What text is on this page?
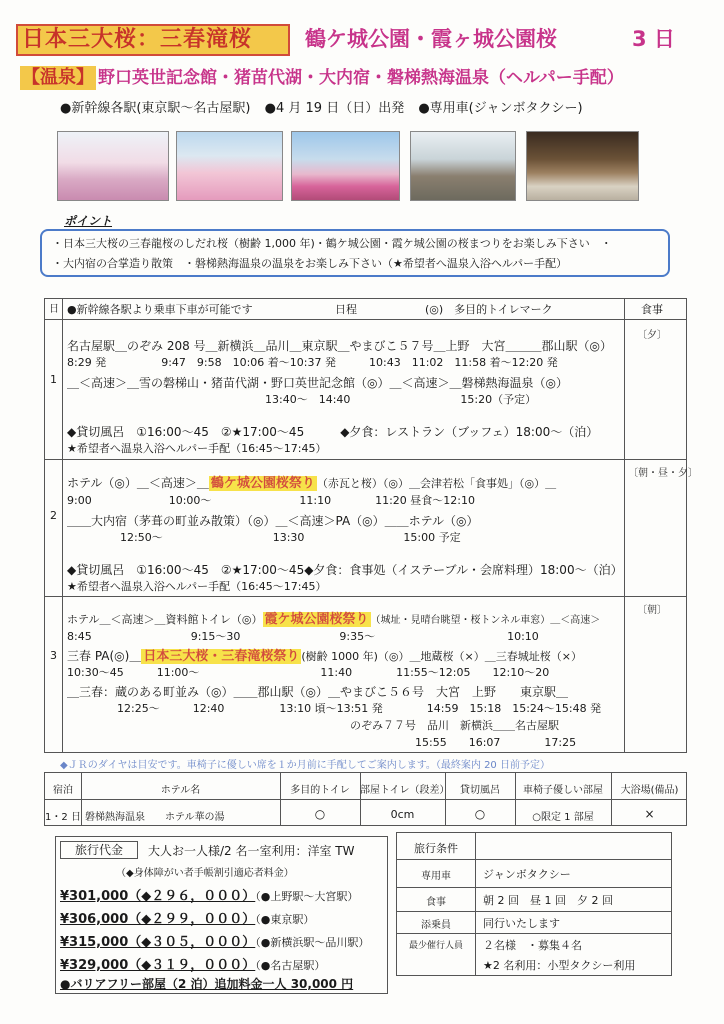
日本三大桜：三春滝桜	鶴ケ城公園・霞ヶ城公園桜	3 日
【温泉】 野口英世記念館・猪苗代湖・大内宿・磐梯熱海温泉（ヘルパー手配）
●新幹線各駅(東京駅〜名古屋駅) ●4 月 19 日（日）出発 ●専用車(ジャンボタクシー)
ポイント
・日本三大桜の三春龍桜のしだれ桜（樹齢 1,000 年)・鶴ケ城公園・霞ケ城公園の桜まつりをお楽しみ下さい　・
・大内宿の合掌造り散策　・磐梯熱海温泉の温泉をお楽しみ下さい（★希望者へ温泉入浴ヘルパー手配）
日 ●新幹線各駅より乗車下車が可能です	日程	(◎)　多目的トイレマーク	食事
1
〔夕〕
名古屋駅＿のぞみ 208 号＿新横浜＿品川＿東京駅＿やまびこ５７号＿上野　大宮＿＿＿郡山駅（◎）
8:29 発　　　　　9:47　9:58　10:06 着〜10:37 発　　　10:43　11:02　11:58 着〜12:20 発
＿＜高速＞＿雪の磐梯山・猪苗代湖・野口英世記念館（◎）＿＜高速＞＿磐梯熱海温泉（◎）
13:40〜　14:40　　　　　　　　　　15:20（予定）
◆貸切風呂　①16:00〜45　②★17:00〜45　　　◆夕食：レストラン（ブッフェ）18:00〜（泊）
★希望者へ温泉入浴ヘルパー手配（16:45〜17:45）
2
〔朝・昼・夕〕
ホテル（◎）＿＜高速＞＿ 鶴ケ城公園桜祭り （赤瓦と桜）（◎）＿会津若松「食事処」（◎）＿
9:00　　　　　　　10:00〜　　　　　　　　11:10　　　　11:20 昼食〜12:10
＿＿大内宿（茅葺の町並み散策）（◎）＿＜高速＞PA（◎）＿＿ホテル（◎）
12:50〜　　　　　　　　　　13:30　　　　　　　　　15:00 予定
◆貸切風呂　①16:00〜45　②★17:00〜45◆夕食：食事処（イステーブル・会席料理）18:00〜（泊）
★希望者へ温泉入浴ヘルパー手配（16:45〜17:45）
3
〔朝〕
ホテル＿＜高速＞＿資料館トイレ（◎） 霞ケ城公園桜祭り （城址・見晴台眺望・桜トンネル車窓）＿＜高速＞
8:45　　　　　　　　　9:15〜30　　　　　　　　　9:35〜　　　　　　　　　　　　10:10
三春 PA(◎)＿ 日本三大桜・三春滝桜祭り (樹齢 1000 年)（◎）＿地蔵桜（×）＿三春城址桜（×）
10:30〜45　　　11:00〜　　　　　　　　　　　11:40　　　　11:55〜12:05　　12:10〜20
＿三春：蔵のある町並み（◎）＿＿郡山駅（◎）＿やまびこ５６号　大宮　上野　　東京駅＿
12:25〜　　　12:40　　　　　13:10 頃〜13:51 発　　　　14:59　15:18　15:24〜15:48 発
のぞみ７７号　品川　新横浜＿＿名古屋駅
15:55　　16:07　　　　17:25
◆ＪＲのダイヤは目安です。車椅子に優しい席を１か月前に手配してご案内します。（最終案内 20 日前予定）
宿泊	ホテル名	多目的トイレ	部屋トイレ（段差）	貸切風呂	車椅子優しい部屋	大浴場(備品)
1・2 日 磐梯熱海温泉　　ホテル華の湯	○	0cm	○	○限定 1 部屋	×
旅行代金	大人お一人様/2 名一室利用：洋室 TW
（◆身体障がい者手帳割引適応者料金）
¥301,000（◆２９６，０００）（●上野駅〜大宮駅）
¥306,000（◆２９９，０００）（●東京駅）
¥315,000（◆３０５，０００）（●新横浜駅〜品川駅）
¥329,000（◆３１９，０００）（●名古屋駅）
●バリアフリー部屋（2 泊）追加料金一人 30,000 円
旅行条件
専用車	ジャンボタクシー
食事	朝 2 回　昼 1 回　夕 2 回
添乗員	同行いたします
最少催行人員	２名様　・募集４名
★2 名利用：小型タクシー利用
